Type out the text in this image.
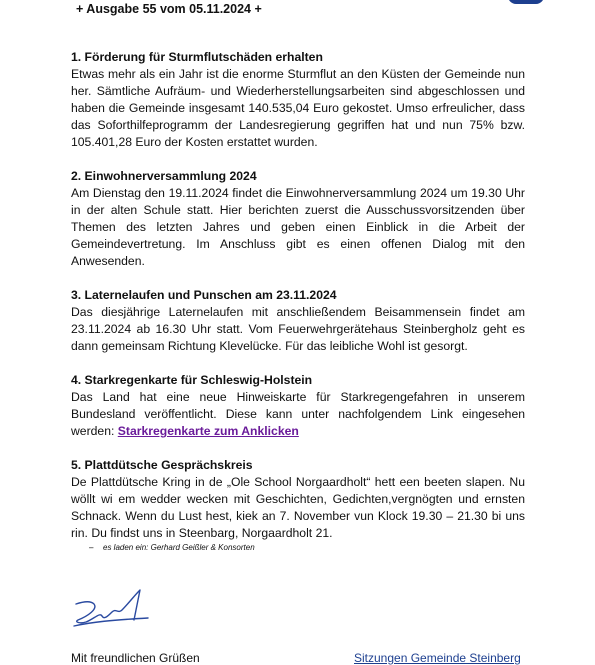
+ Ausgabe 55 vom 05.11.2024 +

1. Förderung für Sturmflutschäden erhalten

Etwas mehr als ein Jahr ist die enorme Sturmflut an den Küsten der Gemeinde nun her. Sämtliche Aufräum- und Wiederherstellungsarbeiten sind abgeschlossen und haben die Gemeinde insgesamt 140.535,04 Euro gekostet. Umso erfreulicher, dass das Soforthilfeprogramm der Landesregierung gegriffen hat und nun 75% bzw. 105.401,28 Euro der Kosten erstattet wurden.

2. Einwohnerversammlung 2024

Am Dienstag den 19.11.2024 findet die Einwohnerversammlung 2024 um 19.30 Uhr in der alten Schule statt. Hier berichten zuerst die Ausschussvorsitzenden über Themen des letzten Jahres und geben einen Einblick in die Arbeit der Gemeindevertretung. Im Anschluss gibt es einen offenen Dialog mit den Anwesenden.

3. Laternelaufen und Punschen am 23.11.2024

Das diesjährige Laternelaufen mit anschließendem Beisammensein findet am 23.11.2024 ab 16.30 Uhr statt. Vom Feuerwehrgerätehaus Steinbergholz geht es dann gemeinsam Richtung Klevelücke. Für das leibliche Wohl ist gesorgt.

4. Starkregenkarte für Schleswig-Holstein

Das Land hat eine neue Hinweiskarte für Starkregengefahren in unserem Bundesland veröffentlicht. Diese kann unter nachfolgendem Link eingesehen werden: Starkregenkarte zum Anklicken

5. Plattdütsche Gesprächskreis

De Plattdütsche Kring in de „Ole School Norgaardholt“ hett een beeten slapen. Nu wöllt wi em wedder wecken mit Geschichten, Gedichten,vergnögten und ernsten Schnack. Wenn du Lust hest, kiek an 7. November vun Klock 19.30 – 21.30 bi uns rin. Du findst uns in Steenbarg, Norgaardholt 21.

– es laden ein: Gerhard Geißler & Konsorten

Mit freundlichen Grüßen	Sitzungen Gemeinde Steinberg
